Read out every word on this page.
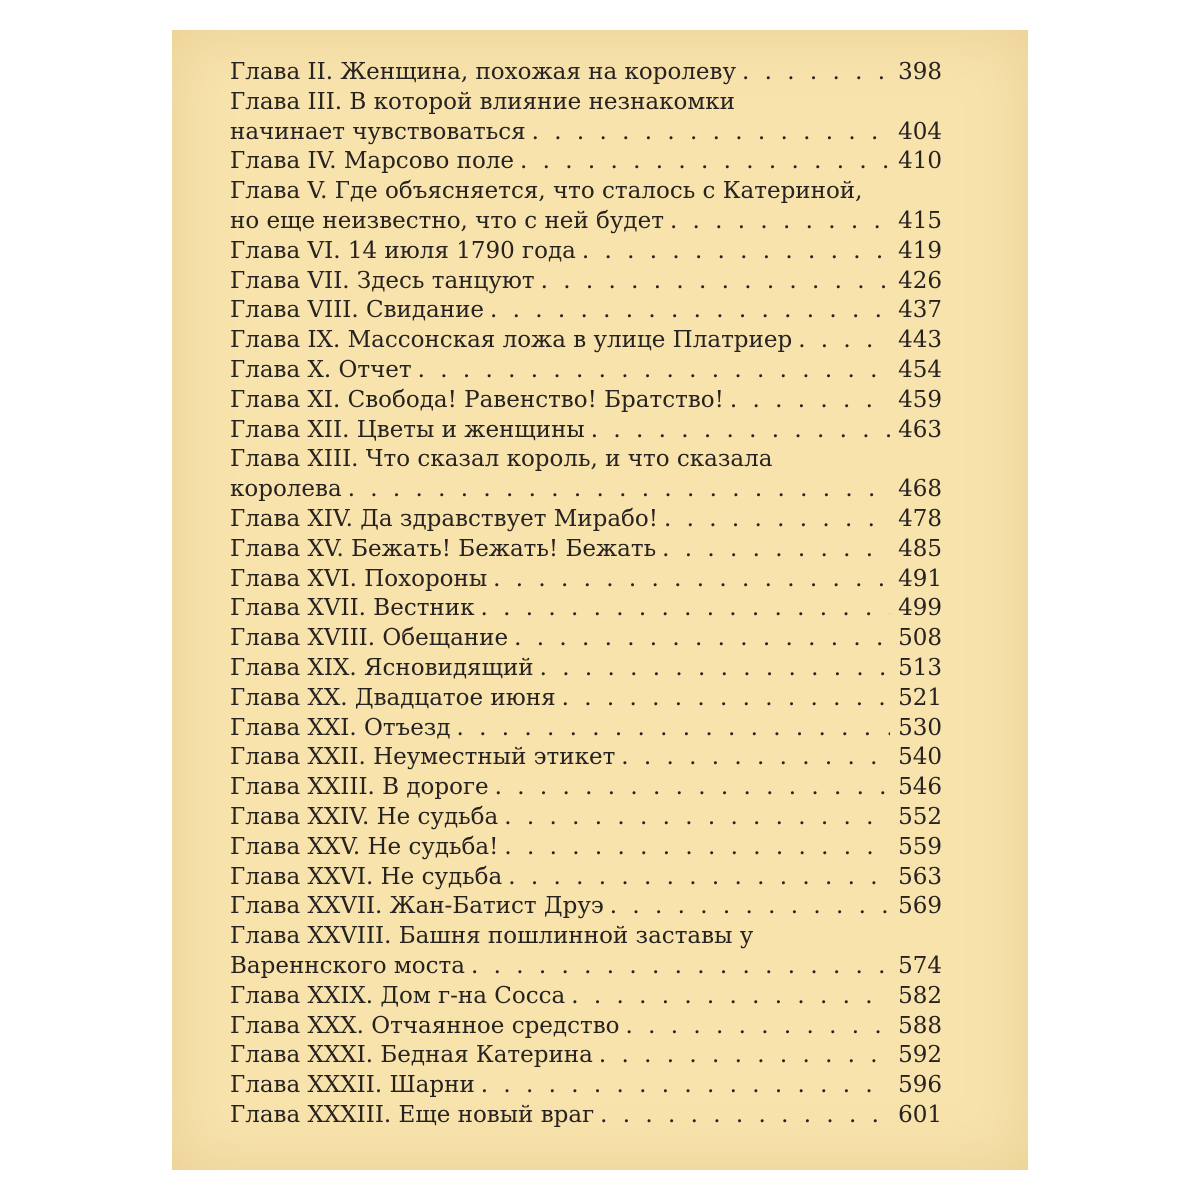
Глава II. Женщина, похожая на королеву . . .	398
Глава III. В которой влияние незнакомки
начинает чувствоваться . . .	404
Глава IV. Марсово поле . . .	410
Глава V. Где объясняется, что сталось с Катериной,
но еще неизвестно, что с ней будет . . .	415
Глава VI. 14 июля 1790 года . . .	419
Глава VII. Здесь танцуют . . .	426
Глава VIII. Свидание . . .	437
Глава IX. Массонская ложа в улице Платриер . . .	443
Глава X. Отчет . . .	454
Глава XI. Свобода! Равенство! Братство! . . .	459
Глава XII. Цветы и женщины . . .	463
Глава XIII. Что сказал король, и что сказала
королева . . .	468
Глава XIV. Да здравствует Мирабо! . . .	478
Глава XV. Бежать! Бежать! Бежать . . .	485
Глава XVI. Похороны . . .	491
Глава XVII. Вестник . . .	499
Глава XVIII. Обещание . . .	508
Глава XIX. Ясновидящий . . .	513
Глава XX. Двадцатое июня . . .	521
Глава XXI. Отъезд . . .	530
Глава XXII. Неуместный этикет . . .	540
Глава XXIII. В дороге . . .	546
Глава XXIV. Не судьба . . .	552
Глава XXV. Не судьба! . . .	559
Глава XXVI. Не судьба . . .	563
Глава XXVII. Жан-Батист Друэ . . .	569
Глава XXVIII. Башня пошлинной заставы у
Вареннского моста . . .	574
Глава XXIX. Дом г-на Сосса . . .	582
Глава XXX. Отчаянное средство . . .	588
Глава XXXI. Бедная Катерина . . .	592
Глава XXXII. Шарни . . .	596
Глава XXXIII. Еще новый враг . . .	601
